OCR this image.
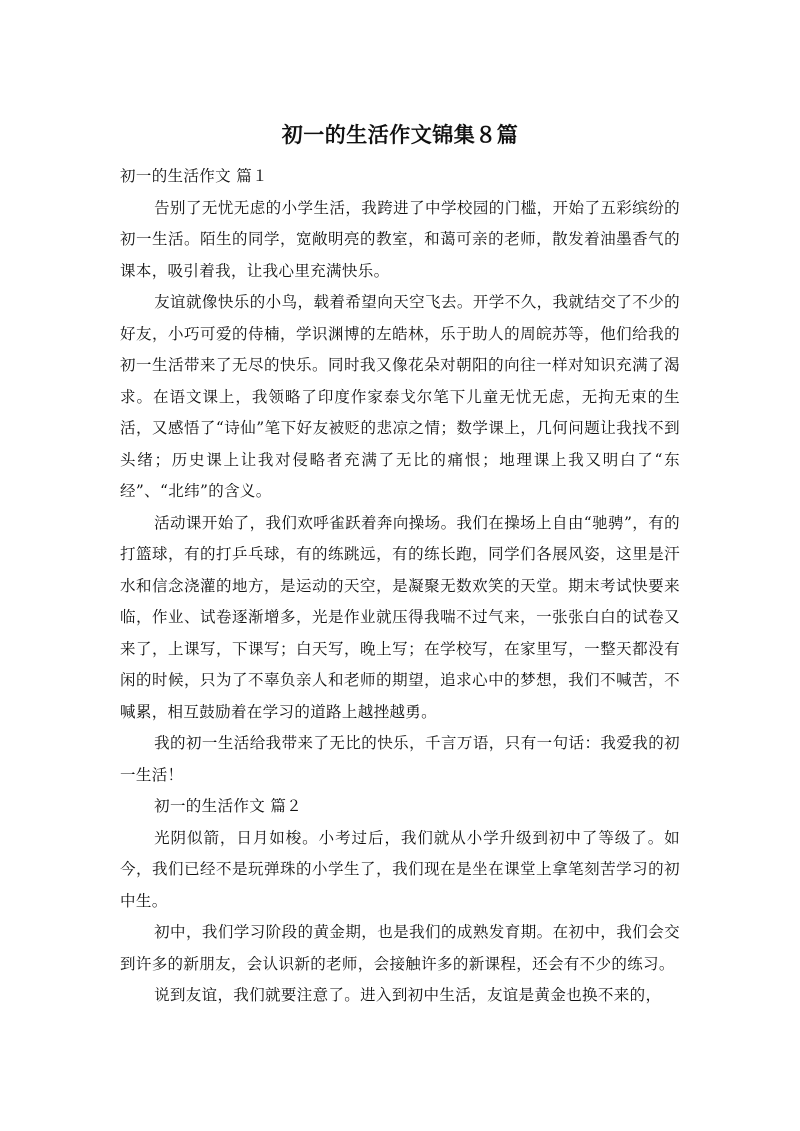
初一的生活作文锦集８篇
初一的生活作文 篇１

告别了无忧无虑的小学生活，我跨进了中学校园的门槛，开始了五彩缤纷的初一生活。陌生的同学，宽敞明亮的教室，和蔼可亲的老师，散发着油墨香气的课本，吸引着我，让我心里充满快乐。

友谊就像快乐的小鸟，载着希望向天空飞去。开学不久，我就结交了不少的好友，小巧可爱的侍楠，学识渊博的左皓林，乐于助人的周皖苏等，他们给我的初一生活带来了无尽的快乐。同时我又像花朵对朝阳的向往一样对知识充满了渴求。在语文课上，我领略了印度作家泰戈尔笔下儿童无忧无虑，无拘无束的生活，又感悟了“诗仙”笔下好友被贬的悲凉之情；数学课上，几何问题让我找不到头绪；历史课上让我对侵略者充满了无比的痛恨；地理课上我又明白了“东经”、“北纬”的含义。

活动课开始了，我们欢呼雀跃着奔向操场。我们在操场上自由“驰骋”，有的打篮球，有的打乒乓球，有的练跳远，有的练长跑，同学们各展风姿，这里是汗水和信念浇灌的地方，是运动的天空，是凝聚无数欢笑的天堂。期末考试快要来临，作业、试卷逐渐增多，光是作业就压得我喘不过气来，一张张白白的试卷又来了，上课写，下课写；白天写，晚上写；在学校写，在家里写，一整天都没有闲的时候，只为了不辜负亲人和老师的期望，追求心中的梦想，我们不喊苦，不喊累，相互鼓励着在学习的道路上越挫越勇。

我的初一生活给我带来了无比的快乐，千言万语，只有一句话：我爱我的初一生活！

初一的生活作文 篇２

光阴似箭，日月如梭。小考过后，我们就从小学升级到初中了等级了。如今，我们已经不是玩弹珠的小学生了，我们现在是坐在课堂上拿笔刻苦学习的初中生。

初中，我们学习阶段的黄金期，也是我们的成熟发育期。在初中，我们会交到许多的新朋友，会认识新的老师，会接触许多的新课程，还会有不少的练习。

说到友谊，我们就要注意了。进入到初中生活，友谊是黄金也换不来的，
